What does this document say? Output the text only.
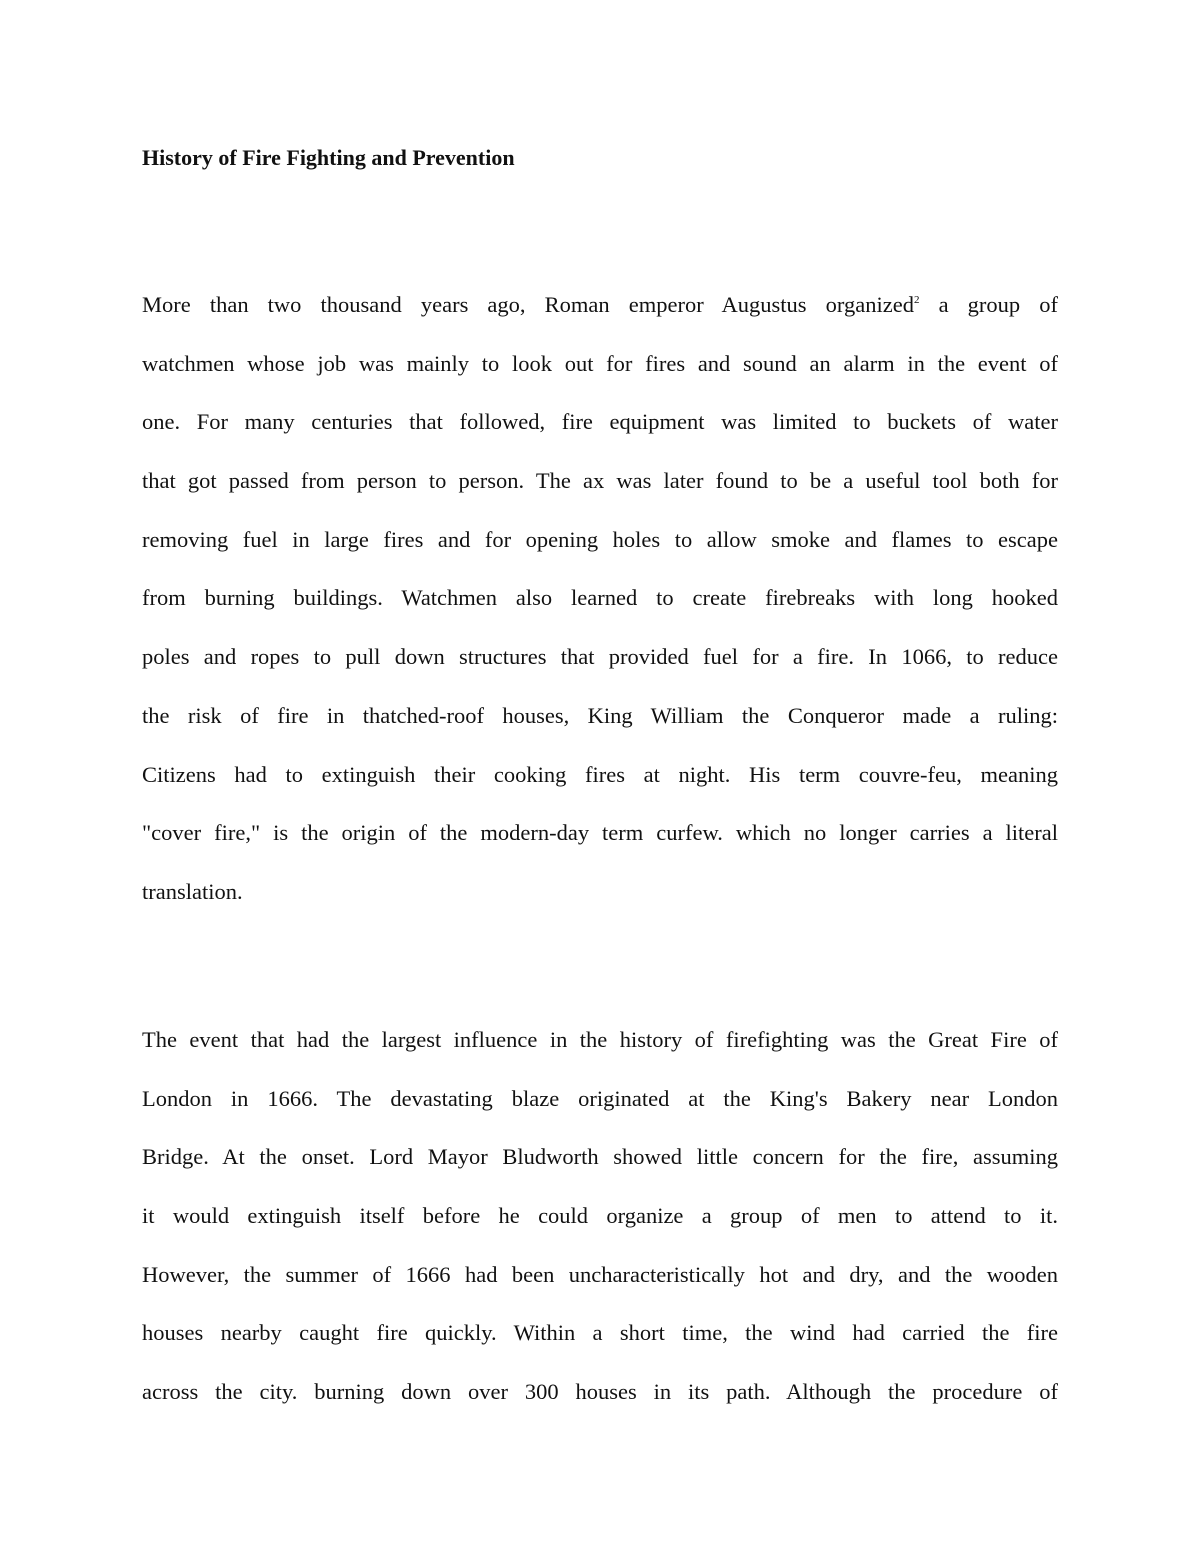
History of Fire Fighting and Prevention

More than two thousand years ago, Roman emperor Augustus organized$^2$ a group of
watchmen whose job was mainly to look out for fires and sound an alarm in the event of
one. For many centuries that followed, fire equipment was limited to buckets of water
that got passed from person to person. The ax was later found to be a useful tool both for
removing fuel in large fires and for opening holes to allow smoke and flames to escape
from burning buildings. Watchmen also learned to create firebreaks with long hooked
poles and ropes to pull down structures that provided fuel for a fire. In 1066, to reduce
the risk of fire in thatched-roof houses, King William the Conqueror made a ruling:
Citizens had to extinguish their cooking fires at night. His term couvre-feu, meaning
"cover fire," is the origin of the modern-day term curfew. which no longer carries a literal
translation.

The event that had the largest influence in the history of firefighting was the Great Fire of
London in 1666. The devastating blaze originated at the King's Bakery near London
Bridge. At the onset. Lord Mayor Bludworth showed little concern for the fire, assuming
it would extinguish itself before he could organize a group of men to attend to it.
However, the summer of 1666 had been uncharacteristically hot and dry, and the wooden
houses nearby caught fire quickly. Within a short time, the wind had carried the fire
across the city. burning down over 300 houses in its path. Although the procedure of
